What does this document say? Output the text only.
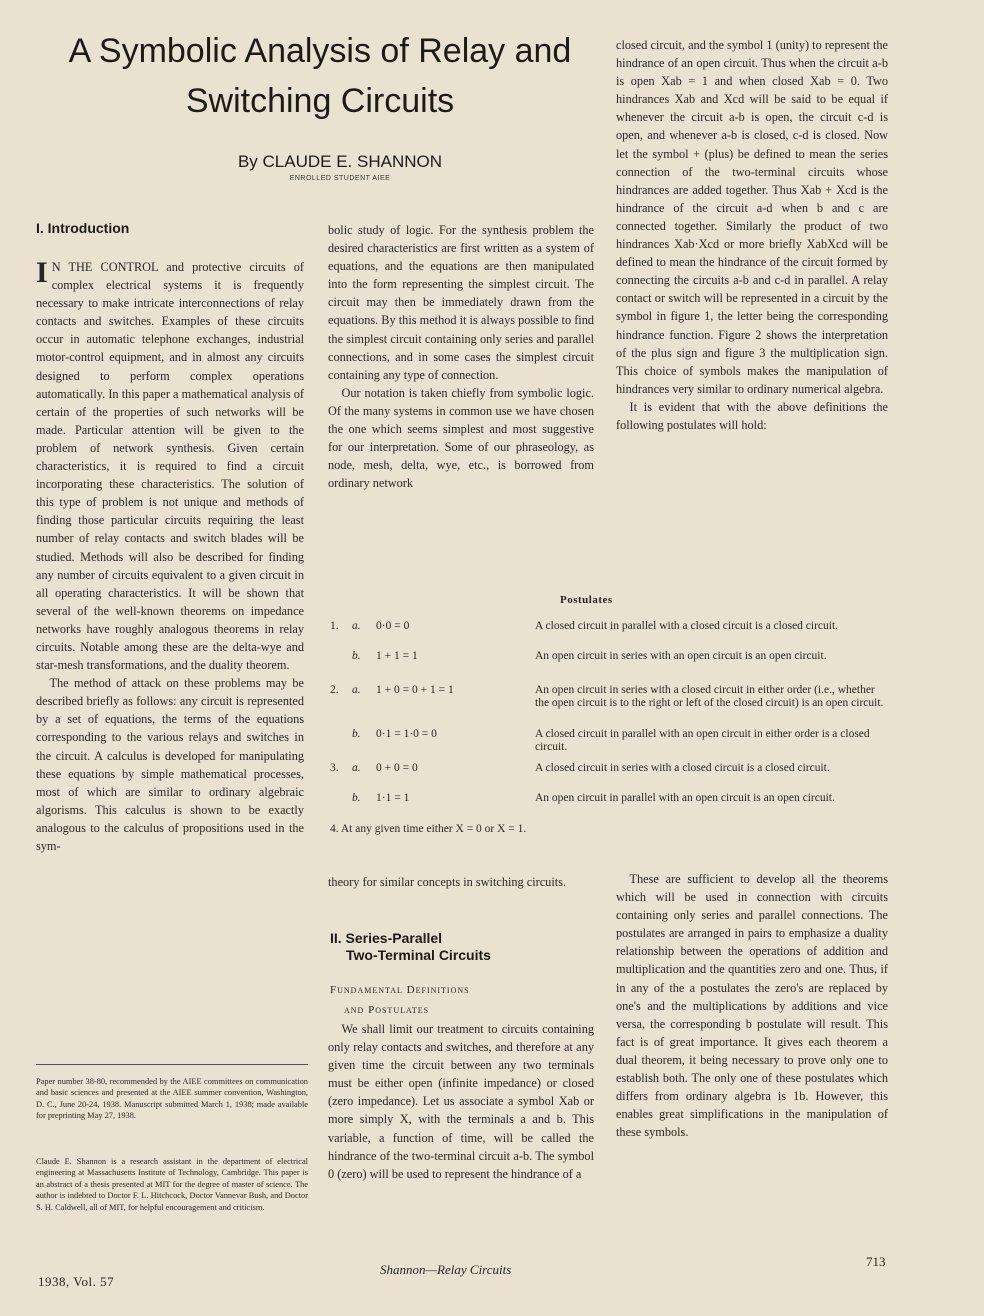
A Symbolic Analysis of Relay and
Switching Circuits
By CLAUDE E. SHANNON
ENROLLED STUDENT AIEE
I. Introduction

I N THE CONTROL and protective circuits of complex electrical systems it is frequently necessary to make intricate interconnections of relay contacts and switches. Examples of these circuits occur in automatic telephone exchanges, industrial motor-control equipment, and in almost any circuits designed to perform complex operations automatically. In this paper a mathematical analysis of certain of the properties of such networks will be made. Particular attention will be given to the problem of network synthesis. Given certain characteristics, it is required to find a circuit incorporating these characteristics. The solution of this type of problem is not unique and methods of finding those particular circuits requiring the least number of relay contacts and switch blades will be studied. Methods will also be described for finding any number of circuits equivalent to a given circuit in all operating characteristics. It will be shown that several of the well-known theorems on impedance networks have roughly analogous theorems in relay circuits. Notable among these are the delta-wye and star-mesh transformations, and the duality theorem.

The method of attack on these problems may be described briefly as follows: any circuit is represented by a set of equations, the terms of the equations corresponding to the various relays and switches in the circuit. A calculus is developed for manipulating these equations by simple mathematical processes, most of which are similar to ordinary algebraic algorisms. This calculus is shown to be exactly analogous to the calculus of propositions used in the sym-

Paper number 38-80, recommended by the AIEE committees on communication and basic sciences and presented at the AIEE summer convention, Washington, D. C., June 20-24, 1938. Manuscript submitted March 1, 1938; made available for preprinting May 27, 1938.

Claude E. Shannon is a research assistant in the department of electrical engineering at Massachusetts Institute of Technology, Cambridge. This paper is an abstract of a thesis presented at MIT for the degree of master of science. The author is indebted to Doctor F. L. Hitchcock, Doctor Vannevar Bush, and Doctor S. H. Caldwell, all of MIT, for helpful encouragement and criticism.

bolic study of logic. For the synthesis problem the desired characteristics are first written as a system of equations, and the equations are then manipulated into the form representing the simplest circuit. The circuit may then be immediately drawn from the equations. By this method it is always possible to find the simplest circuit containing only series and parallel connections, and in some cases the simplest circuit containing any type of connection.

Our notation is taken chiefly from symbolic logic. Of the many systems in common use we have chosen the one which seems simplest and most suggestive for our interpretation. Some of our phraseology, as node, mesh, delta, wye, etc., is borrowed from ordinary network

closed circuit, and the symbol 1 (unity) to represent the hindrance of an open circuit. Thus when the circuit a-b is open Xab = 1 and when closed Xab = 0. Two hindrances Xab and Xcd will be said to be equal if whenever the circuit a-b is open, the circuit c-d is open, and whenever a-b is closed, c-d is closed. Now let the symbol + (plus) be defined to mean the series connection of the two-terminal circuits whose hindrances are added together. Thus Xab + Xcd is the hindrance of the circuit a-d when b and c are connected together. Similarly the product of two hindrances Xab·Xcd or more briefly XabXcd will be defined to mean the hindrance of the circuit formed by connecting the circuits a-b and c-d in parallel. A relay contact or switch will be represented in a circuit by the symbol in figure 1, the letter being the corresponding hindrance function. Figure 2 shows the interpretation of the plus sign and figure 3 the multiplication sign. This choice of symbols makes the manipulation of hindrances very similar to ordinary numerical algebra.

It is evident that with the above definitions the following postulates will hold:

Postulates
1.	a.	0·0 = 0	A closed circuit in parallel with a closed circuit is a closed circuit.
b.	1 + 1 = 1	An open circuit in series with an open circuit is an open circuit.
2.	a.	1 + 0 = 0 + 1 = 1	An open circuit in series with a closed circuit in either order (i.e., whether the open circuit is to the right or left of the closed circuit) is an open circuit.
b.	0·1 = 1·0 = 0	A closed circuit in parallel with an open circuit in either order is a closed circuit.
3.	a.	0 + 0 = 0	A closed circuit in series with a closed circuit is a closed circuit.
b.	1·1 = 1	An open circuit in parallel with an open circuit is an open circuit.
4. At any given time either X = 0 or X = 1.

theory for similar concepts in switching circuits.

II. Series-Parallel
Two-Terminal Circuits
Fundamental Definitions
and Postulates

We shall limit our treatment to circuits containing only relay contacts and switches, and therefore at any given time the circuit between any two terminals must be either open (infinite impedance) or closed (zero impedance). Let us associate a symbol Xab or more simply X, with the terminals a and b. This variable, a function of time, will be called the hindrance of the two-terminal circuit a-b. The symbol 0 (zero) will be used to represent the hindrance of a

These are sufficient to develop all the theorems which will be used in connection with circuits containing only series and parallel connections. The postulates are arranged in pairs to emphasize a duality relationship between the operations of addition and multiplication and the quantities zero and one. Thus, if in any of the a postulates the zero's are replaced by one's and the multiplications by additions and vice versa, the corresponding b postulate will result. This fact is of great importance. It gives each theorem a dual theorem, it being necessary to prove only one to establish both. The only one of these postulates which differs from ordinary algebra is 1b. However, this enables great simplifications in the manipulation of these symbols.

1938, Vol. 57
Shannon—Relay Circuits
713
